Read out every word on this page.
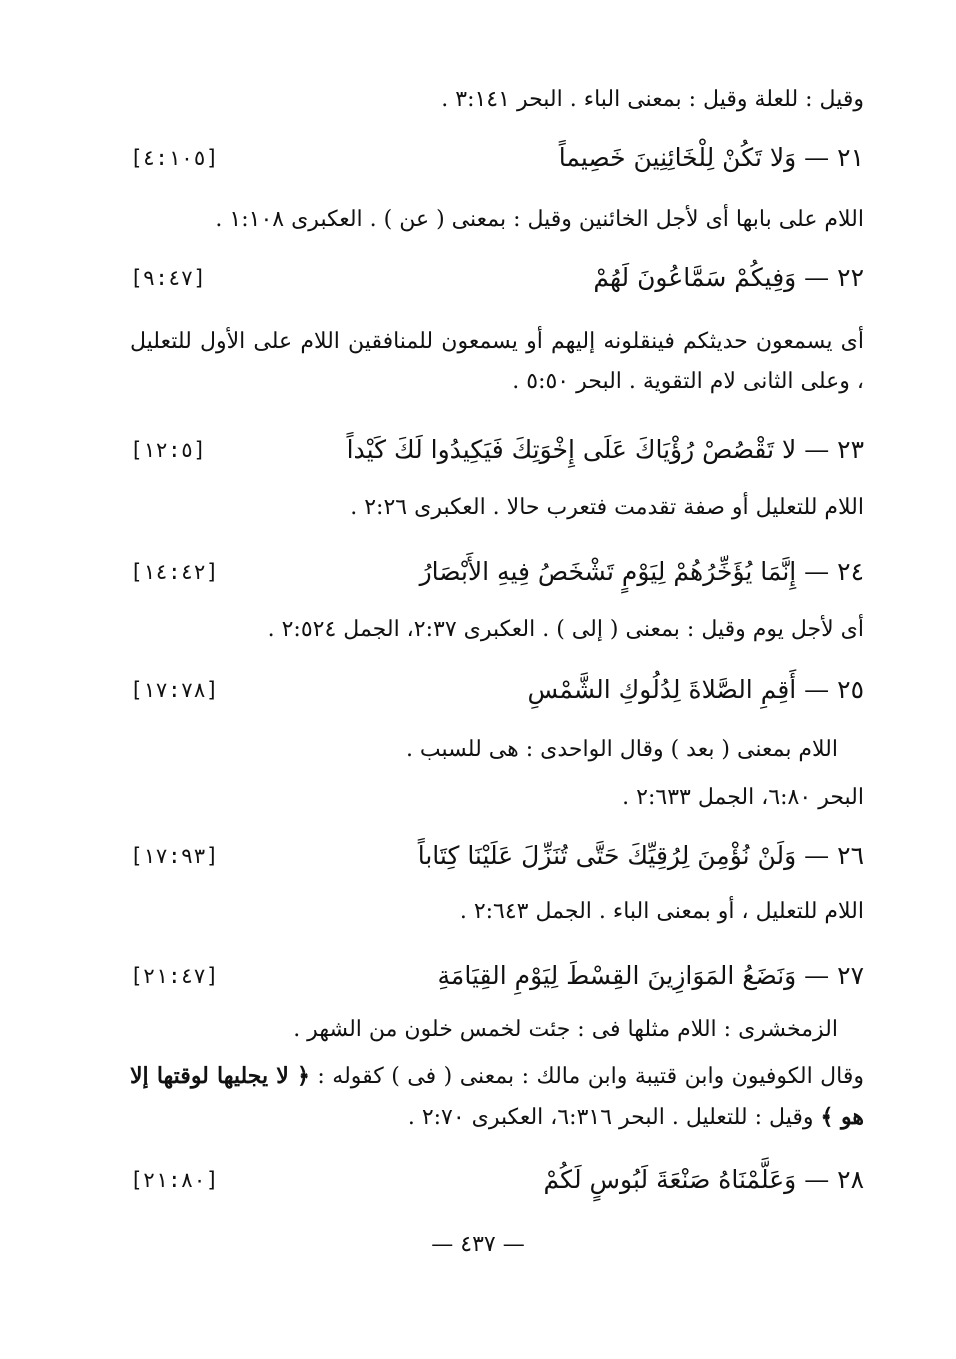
وقيل : للعلة وقيل : بمعنى الباء . البحر ٣:١٤١ .
٢١ — وَلا تَكُنْ لِلْخَائِنِينَ خَصِيماً
[٤:١٠٥]
اللام على بابها أى لأجل الخائنين وقيل : بمعنى ( عن ) . العكبرى ١:١٠٨ .
٢٢ — وَفِيكُمْ سَمَّاعُونَ لَهُمْ
[٩:٤٧]
أى يسمعون حديثكم فينقلونه إليهم أو يسمعون للمنافقين اللام على الأول للتعليل ، وعلى الثانى لام التقوية . البحر ٥:٥٠ .
٢٣ — لا تَقْصُصْ رُؤْيَاكَ عَلَى إِخْوَتِكَ فَيَكِيدُوا لَكَ كَيْداً
[١٢:٥]
اللام للتعليل أو صفة تقدمت فتعرب حالا . العكبرى ٢:٢٦ .
٢٤ — إِنَّمَا يُؤَخِّرُهُمْ لِيَوْمٍ تَشْخَصُ فِيهِ الأَبْصَارُ
[١٤:٤٢]
أى لأجل يوم وقيل : بمعنى ( إلى ) . العكبرى ٢:٣٧، الجمل ٢:٥٢٤ .
٢٥ — أَقِمِ الصَّلاةَ لِدُلُوكِ الشَّمْسِ
[١٧:٧٨]
اللام بمعنى ( بعد ) وقال الواحدى : هى للسبب .
البحر ٦:٨٠، الجمل ٢:٦٣٣ .
٢٦ — وَلَنْ نُؤْمِنَ لِرُقِيِّكَ حَتَّى تُنَزِّلَ عَلَيْنَا كِتَاباً
[١٧:٩٣]
اللام للتعليل ، أو بمعنى الباء . الجمل ٢:٦٤٣ .
٢٧ — وَنَضَعُ المَوَازِينَ القِسْطَ لِيَوْمِ القِيَامَةِ
[٢١:٤٧]
الزمخشرى : اللام مثلها فى : جئت لخمس خلون من الشهر .
وقال الكوفيون وابن قتيبة وابن مالك : بمعنى ( فى ) كقوله : ﴿ لا يجليها لوقتها إلا هو ﴾ وقيل : للتعليل . البحر ٦:٣١٦، العكبرى ٢:٧٠ .
٢٨ — وَعَلَّمْنَاهُ صَنْعَةَ لَبُوسٍ لَكُمْ
[٢١:٨٠]
— ٤٣٧ —
